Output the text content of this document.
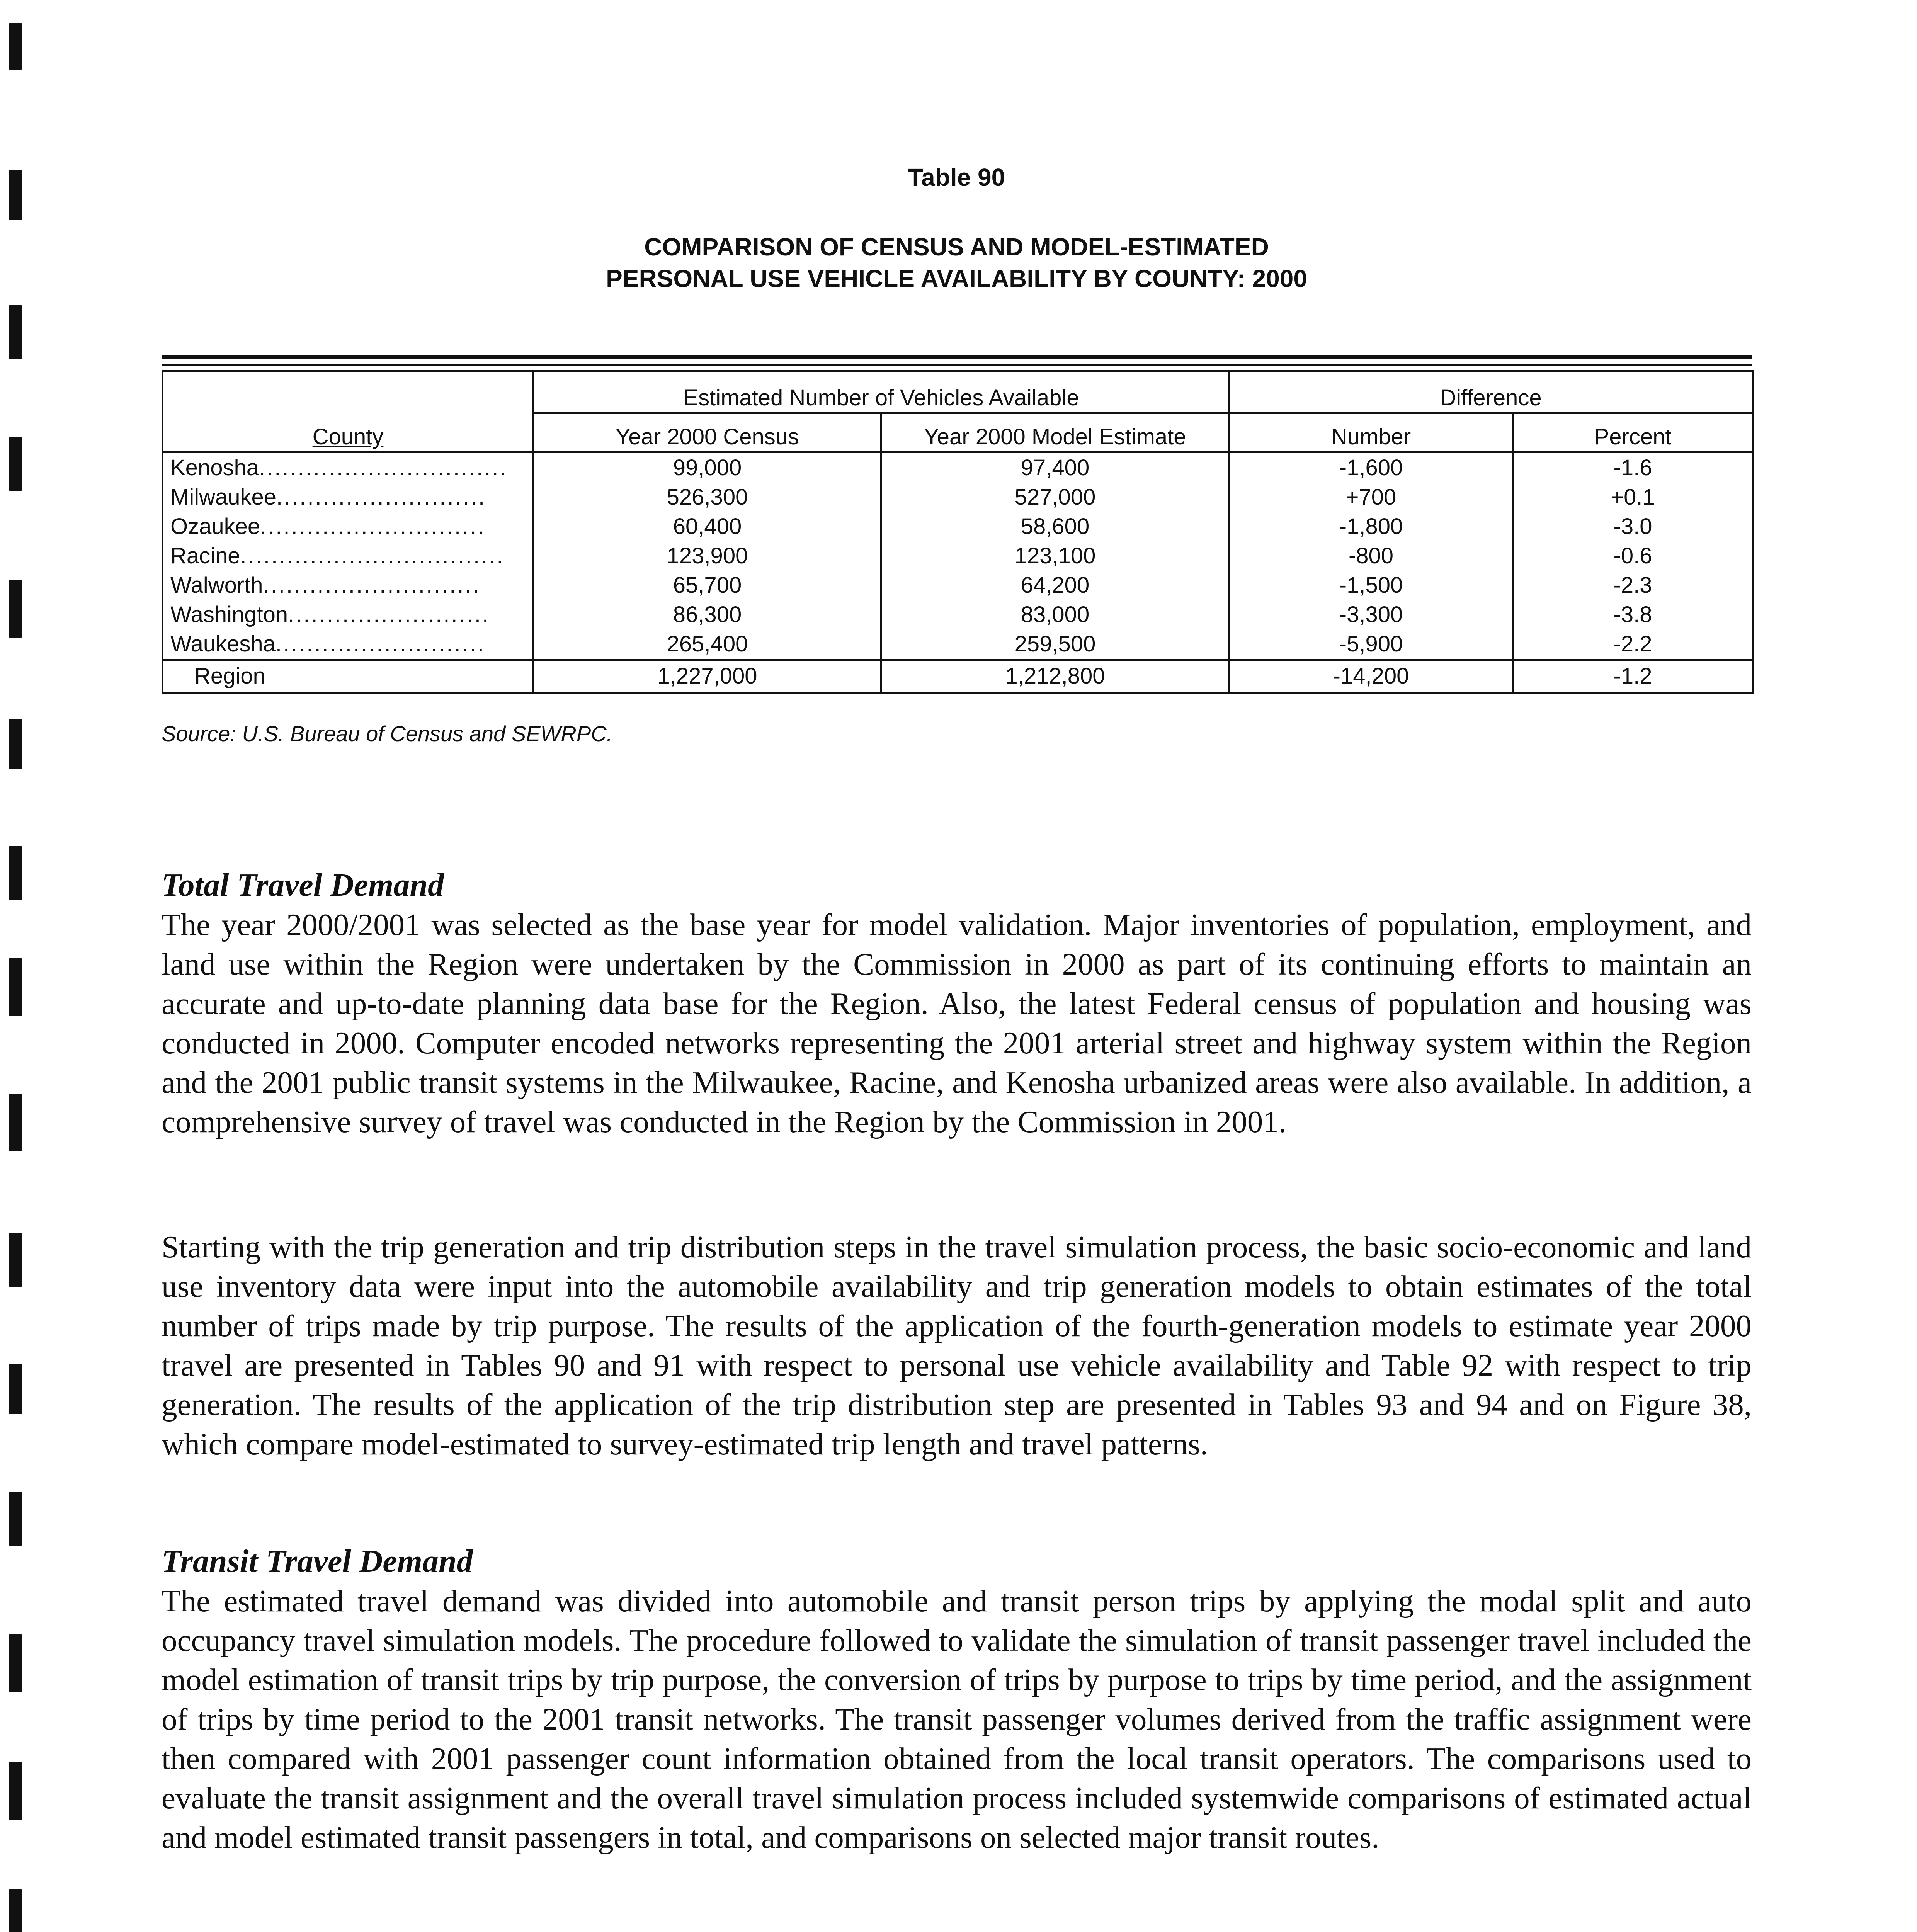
Table 90
COMPARISON OF CENSUS AND MODEL-ESTIMATED
PERSONAL USE VEHICLE AVAILABILITY BY COUNTY: 2000
	Estimated Number of Vehicles Available		Difference	
County	Year 2000 Census	Year 2000 Model Estimate	Number	Percent
Kenosha................................	99,000	97,400	-1,600	-1.6
Milwaukee...........................	526,300	527,000	+700	+0.1
Ozaukee.............................	60,400	58,600	-1,800	-3.0
Racine..................................	123,900	123,100	-800	-0.6
Walworth............................	65,700	64,200	-1,500	-2.3
Washington..........................	86,300	83,000	-3,300	-3.8
Waukesha...........................	265,400	259,500	-5,900	-2.2
Region	1,227,000	1,212,800	-14,200	-1.2
Source: U.S. Bureau of Census and SEWRPC.
Total Travel Demand

The year 2000/2001 was selected as the base year for model validation. Major inventories of population, employment, and land use within the Region were undertaken by the Commission in 2000 as part of its continuing efforts to maintain an accurate and up-to-date planning data base for the Region. Also, the latest Federal census of population and housing was conducted in 2000. Computer encoded networks representing the 2001 arterial street and highway system within the Region and the 2001 public transit systems in the Milwaukee, Racine, and Kenosha urbanized areas were also available. In addition, a comprehensive survey of travel was conducted in the Region by the Commission in 2001.

Starting with the trip generation and trip distribution steps in the travel simulation process, the basic socio-economic and land use inventory data were input into the automobile availability and trip generation models to obtain estimates of the total number of trips made by trip purpose. The results of the application of the fourth-generation models to estimate year 2000 travel are presented in Tables 90 and 91 with respect to personal use vehicle availability and Table 92 with respect to trip generation. The results of the application of the trip distribution step are presented in Tables 93 and 94 and on Figure 38, which compare model-estimated to survey-estimated trip length and travel patterns.

Transit Travel Demand

The estimated travel demand was divided into automobile and transit person trips by applying the modal split and auto occupancy travel simulation models. The procedure followed to validate the simulation of transit passenger travel included the model estimation of transit trips by trip purpose, the conversion of trips by purpose to trips by time period, and the assignment of trips by time period to the 2001 transit networks. The transit passenger volumes derived from the traffic assignment were then compared with 2001 passenger count information obtained from the local transit operators. The comparisons used to evaluate the transit assignment and the overall travel simulation process included systemwide comparisons of estimated actual and model estimated transit passengers in total, and comparisons on selected major transit routes.
